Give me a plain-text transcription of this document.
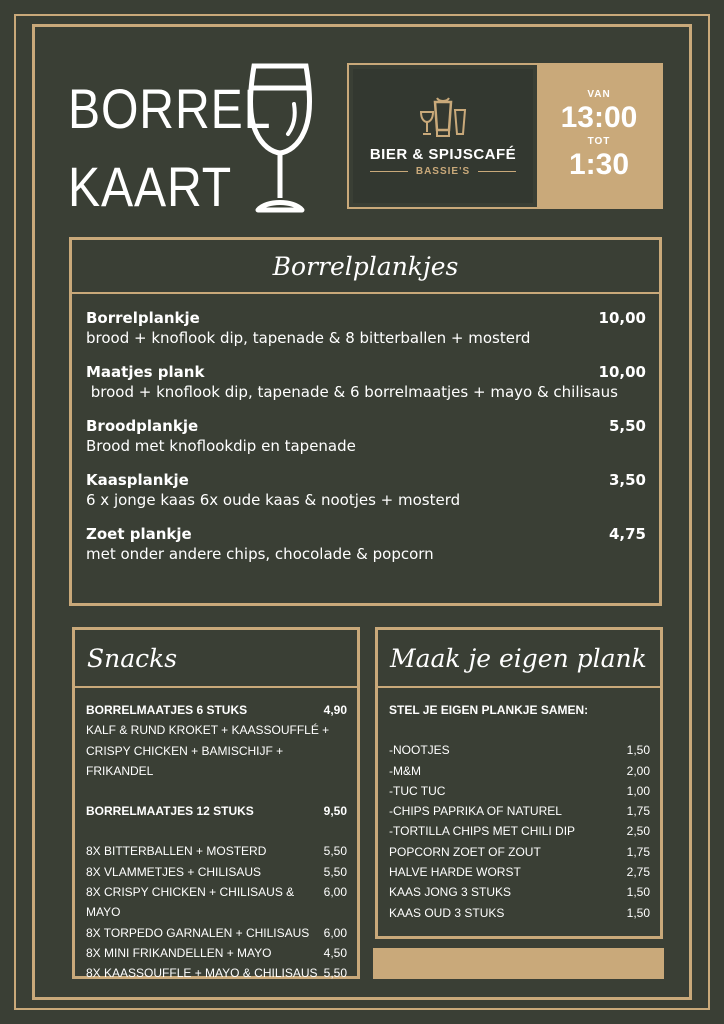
BORREL
KAART
BIER & SPIJSCAFÉ
BASSIE'S
VAN
13:00
TOT
1:30
Borrelplankjes
Borrelplankje	10,00
brood + knoflook dip, tapenade & 8 bitterballen + mosterd
Maatjes plank	10,00
brood + knoflook dip, tapenade & 6 borrelmaatjes + mayo & chilisaus
Broodplankje	5,50
Brood met knoflookdip en tapenade
Kaasplankje	3,50
6 x jonge kaas 6x oude kaas & nootjes + mosterd
Zoet plankje	4,75
met onder andere chips, chocolade & popcorn
Snacks
BORRELMAATJES 6 STUKS	4,90
KALF & RUND KROKET + KAASSOUFFLÉ + CRISPY CHICKEN + BAMISCHIJF + FRIKANDEL
BORRELMAATJES 12 STUKS	9,50
8X BITTERBALLEN + MOSTERD	5,50
8X VLAMMETJES + CHILISAUS	5,50
8X CRISPY CHICKEN + CHILISAUS & MAYO
6,00
8X TORPEDO GARNALEN + CHILISAUS 6,00
8X MINI FRIKANDELLEN + MAYO	4,50
8X KAASSOUFFLE + MAYO & CHILISAUS 5,50
Maak je eigen plank
STEL JE EIGEN PLANKJE SAMEN:
-NOOTJES	1,50
-M&M	2,00
-TUC TUC	1,00
-CHIPS PAPRIKA OF NATUREL	1,75
-TORTILLA CHIPS MET CHILI DIP	2,50
POPCORN ZOET OF ZOUT	1,75
HALVE HARDE WORST	2,75
KAAS JONG 3 STUKS	1,50
KAAS OUD 3 STUKS	1,50
